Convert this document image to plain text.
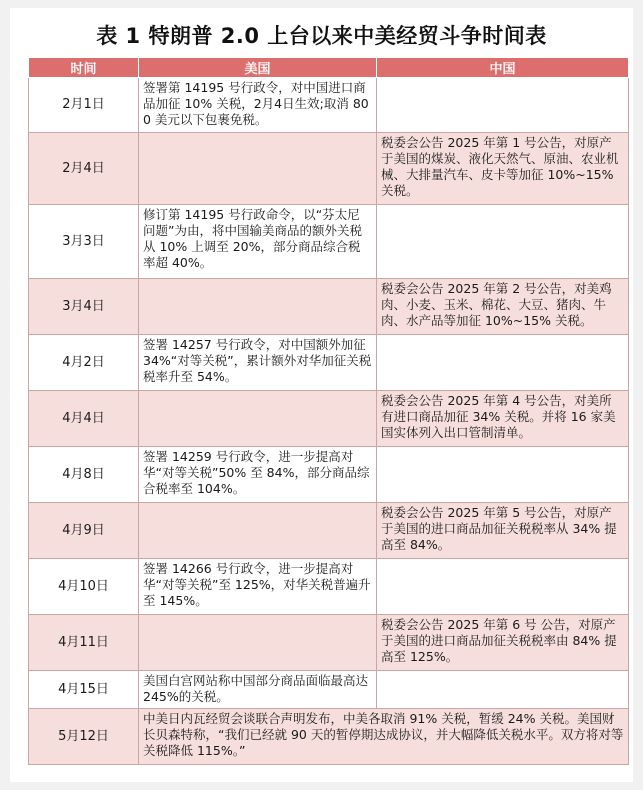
表 1 特朗普 2.0 上台以来中美经贸斗争时间表
时间	美国	中国
2月1日	签署第 14195 号行政令，对中国进口商品加征 10% 关税，2月4日生效;取消 800 美元以下包裹免税。	
2月4日		税委会公告 2025 年第 1 号公告，对原产于美国的煤炭、液化天然气、原油、农业机械、大排量汽车、皮卡等加征 10%~15% 关税。
3月3日	修订第 14195 号行政命令，以“芬太尼问题”为由，将中国输美商品的额外关税从 10% 上调至 20%，部分商品综合税率超 40%。	
3月4日		税委会公告 2025 年第 2 号公告，对美鸡肉、小麦、玉米、棉花、大豆、猪肉、牛肉、水产品等加征 10%~15% 关税。
4月2日	签署 14257 号行政令，对中国额外加征 34%“对等关税”，累计额外对华加征关税税率升至 54%。	
4月4日		税委会公告 2025 年第 4 号公告，对美所有进口商品加征 34% 关税。并将 16 家美国实体列入出口管制清单。
4月8日	签署 14259 号行政令，进一步提高对华“对等关税”50% 至 84%，部分商品综合税率至 104%。	
4月9日		税委会公告 2025 年第 5 号公告，对原产于美国的进口商品加征关税税率从 34% 提高至 84%。
4月10日	签署 14266 号行政令，进一步提高对华“对等关税”至 125%，对华关税普遍升至 145%。	
4月11日		税委会公告 2025 年第 6 号 公告，对原产于美国的进口商品加征关税税率由 84% 提高至 125%。
4月15日	美国白宫网站称中国部分商品面临最高达 245%的关税。	
5月12日	中美日内瓦经贸会谈联合声明发布，中美各取消 91% 关税，暂缓 24% 关税。美国财长贝森特称，“我们已经就 90 天的暂停期达成协议，并大幅降低关税水平。双方将对等关税降低 115%。”	
